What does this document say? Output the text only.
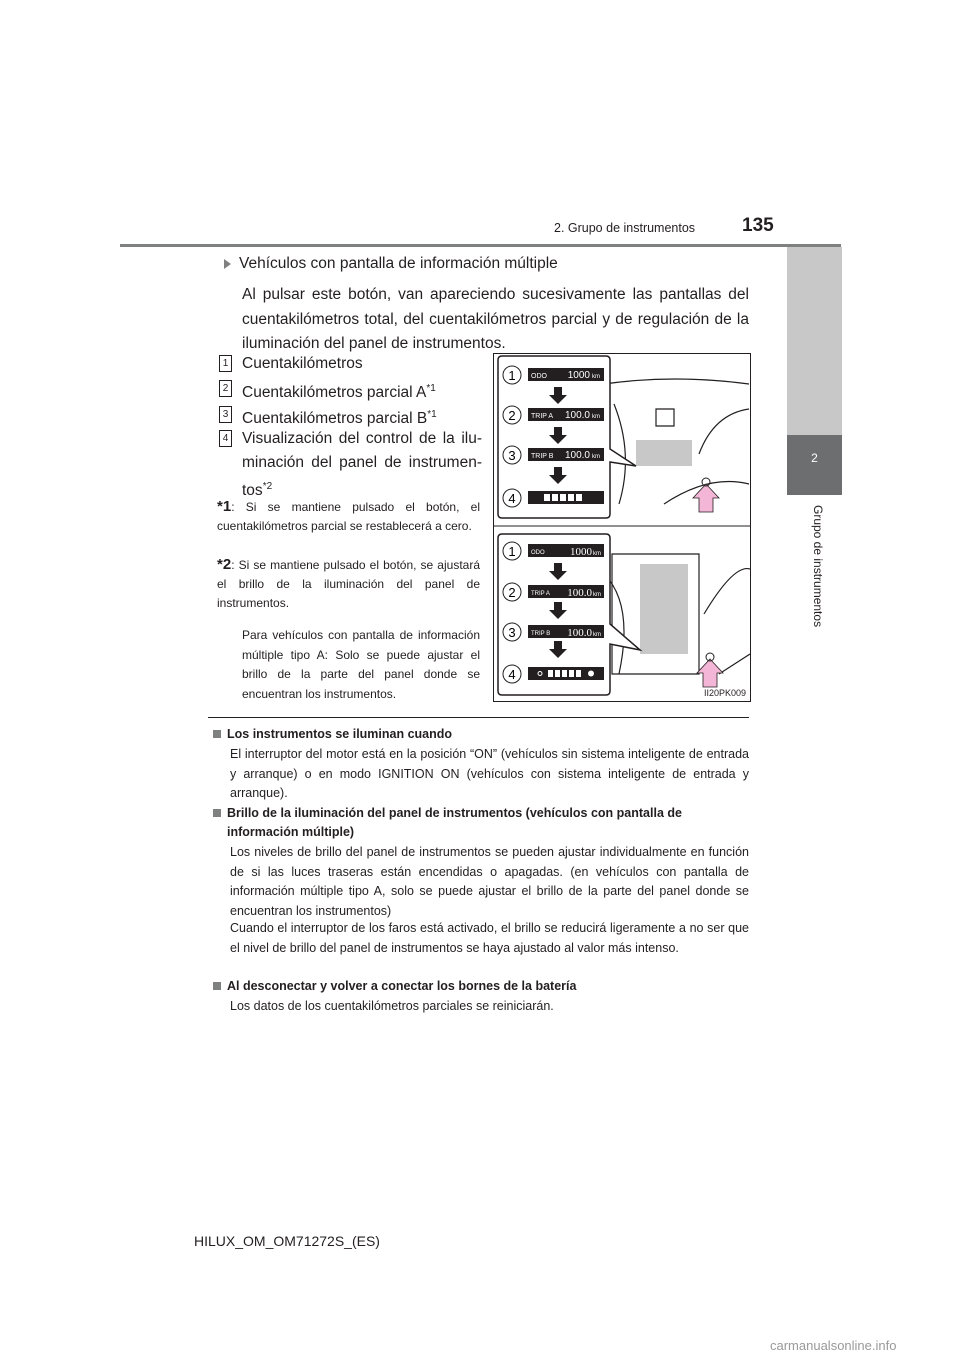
2. Grupo de instrumentos 135
2
Grupo de instrumentos
Vehículos con pantalla de información múltiple
Al pulsar este botón, van apareciendo sucesivamente las pantallas del cuentakilómetros total, del cuentakilómetros parcial y de regulación de la iluminación del panel de instrumentos.
1 Cuentakilómetros
2 Cuentakilómetros parcial $A^{*1}$
3 Cuentakilómetros parcial $B^{*1}$
4 Visualización del control de la ilu-minación del panel de instrumen-tos$^{*2}$
*1: Si se mantiene pulsado el botón, el cuentakilómetros parcial se restablecerá a cero.
*2: Si se mantiene pulsado el botón, se ajustará el brillo de la iluminación del panel de instrumentos.
Para vehículos con pantalla de información múltiple tipo A: Solo se puede ajustar el brillo de la parte del panel donde se encuentran los instrumentos.
1 ODO 1000 km
2 TRIP A 100.0 km
3 TRIP B 100.0 km
4
1	ODO 1000 km
2	TRIP A 100.0 km
3	TRIP B 100.0 km
4
II20PK009
Los instrumentos se iluminan cuando
El interruptor del motor está en la posición “ON” (vehículos sin sistema inteligente de entrada y arranque) o en modo IGNITION ON (vehículos con sistema inteligente de entrada y arranque).
Brillo de la iluminación del panel de instrumentos (vehículos con pantalla de información múltiple)
Los niveles de brillo del panel de instrumentos se pueden ajustar individualmente en función de si las luces traseras están encendidas o apagadas. (en vehículos con pantalla de información múltiple tipo A, solo se puede ajustar el brillo de la parte del panel donde se encuentran los instrumentos)
Cuando el interruptor de los faros está activado, el brillo se reducirá ligeramente a no ser que el nivel de brillo del panel de instrumentos se haya ajustado al valor más intenso.
Al desconectar y volver a conectar los bornes de la batería
Los datos de los cuentakilómetros parciales se reiniciarán.
HILUX_OM_OM71272S_(ES)
carmanualsonline.info
